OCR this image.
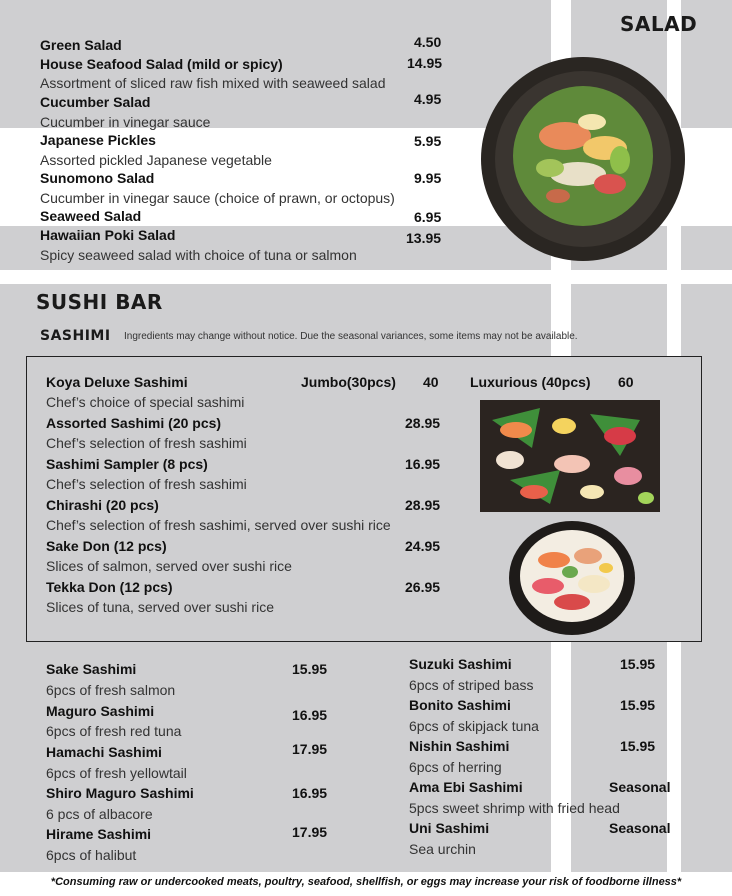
SALAD
Green Salad	4.50
House Seafood Salad (mild or spicy)	14.95
Assortment of sliced raw fish mixed with seaweed salad
Cucumber Salad	4.95
Cucumber in vinegar sauce
Japanese Pickles	5.95
Assorted pickled Japanese vegetable
Sunomono Salad	9.95
Cucumber in vinegar sauce (choice of prawn, or octopus)
Seaweed Salad	6.95
Hawaiian Poki Salad	13.95
Spicy seaweed salad with choice of tuna or salmon
SUSHI BAR
SASHIMI Ingredients may change without notice. Due the seasonal variances, some items may not be available.
Koya Deluxe Sashimi	Jumbo(30pcs) 40 Luxurious (40pcs) 60
Chef’s choice of special sashimi
Assorted Sashimi (20 pcs)	28.95
Chef’s selection of fresh sashimi
Sashimi Sampler (8 pcs)	16.95
Chef’s selection of fresh sashimi
Chirashi (20 pcs)	28.95
Chef’s selection of fresh sashimi, served over sushi rice
Sake Don (12 pcs)	24.95
Slices of salmon, served over sushi rice
Tekka Don (12 pcs)	26.95
Slices of tuna, served over sushi rice
Sake Sashimi	15.95
6pcs of fresh salmon
Maguro Sashimi	16.95
6pcs of fresh red tuna
Hamachi Sashimi	17.95
6pcs of fresh yellowtail
Shiro Maguro Sashimi	16.95
6 pcs of albacore
Hirame Sashimi	17.95
6pcs of halibut
Suzuki Sashimi	15.95
6pcs of striped bass
Bonito Sashimi	15.95
6pcs of skipjack tuna
Nishin Sashimi	15.95
6pcs of herring
Ama Ebi Sashimi	Seasonal
5pcs sweet shrimp with fried head
Uni Sashimi	Seasonal
Sea urchin
*Consuming raw or undercooked meats, poultry, seafood, shellfish, or eggs may increase your risk of foodborne illness*
